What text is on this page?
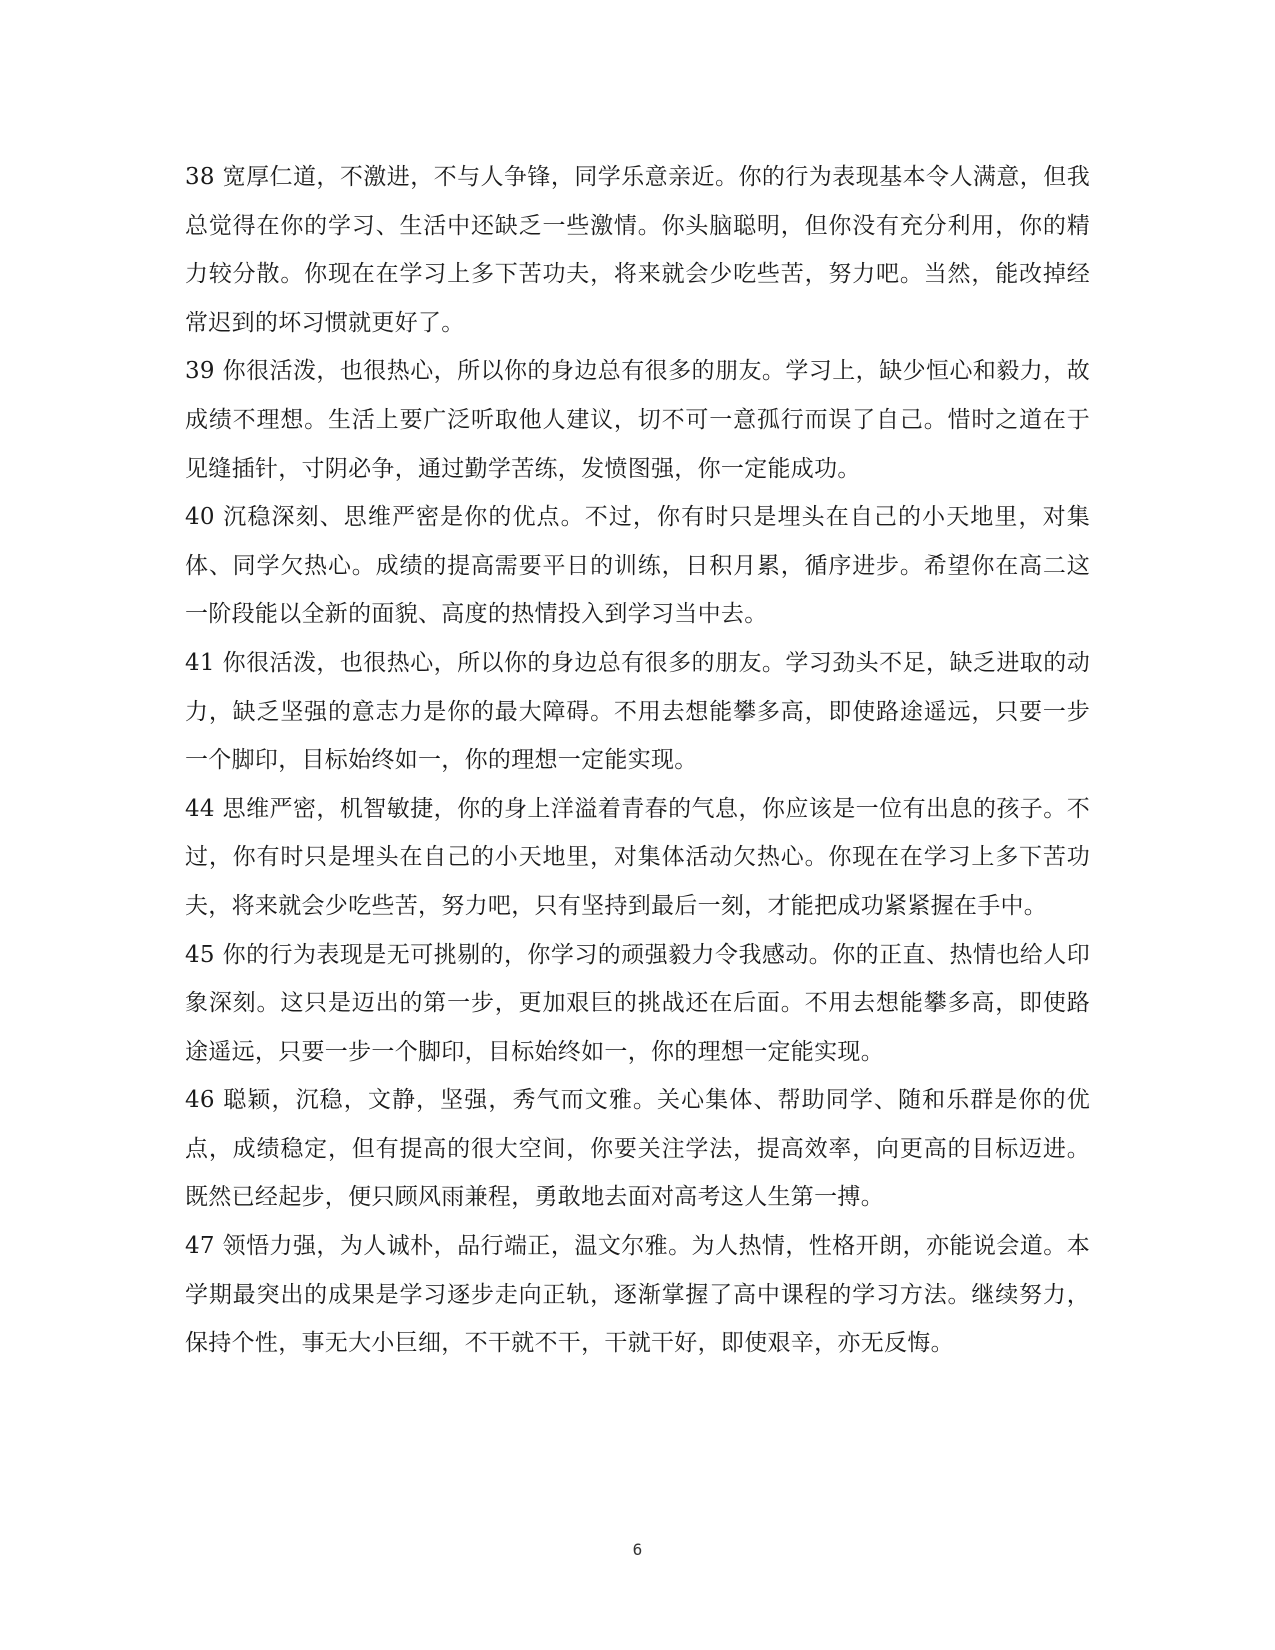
38 宽厚仁道，不激进，不与人争锋，同学乐意亲近。你的行为表现基本令人满意，但我总觉得在你的学习、生活中还缺乏一些激情。你头脑聪明，但你没有充分利用，你的精力较分散。你现在在学习上多下苦功夫，将来就会少吃些苦，努力吧。当然，能改掉经常迟到的坏习惯就更好了。

39 你很活泼，也很热心，所以你的身边总有很多的朋友。学习上，缺少恒心和毅力，故成绩不理想。生活上要广泛听取他人建议，切不可一意孤行而误了自己。惜时之道在于见缝插针，寸阴必争，通过勤学苦练，发愤图强，你一定能成功。

40 沉稳深刻、思维严密是你的优点。不过，你有时只是埋头在自己的小天地里，对集体、同学欠热心。成绩的提高需要平日的训练，日积月累，循序进步。希望你在高二这一阶段能以全新的面貌、高度的热情投入到学习当中去。

41 你很活泼，也很热心，所以你的身边总有很多的朋友。学习劲头不足，缺乏进取的动力，缺乏坚强的意志力是你的最大障碍。不用去想能攀多高，即使路途遥远，只要一步一个脚印，目标始终如一，你的理想一定能实现。

44 思维严密，机智敏捷，你的身上洋溢着青春的气息，你应该是一位有出息的孩子。不过，你有时只是埋头在自己的小天地里，对集体活动欠热心。你现在在学习上多下苦功夫，将来就会少吃些苦，努力吧，只有坚持到最后一刻，才能把成功紧紧握在手中。

45 你的行为表现是无可挑剔的，你学习的顽强毅力令我感动。你的正直、热情也给人印象深刻。这只是迈出的第一步，更加艰巨的挑战还在后面。不用去想能攀多高，即使路途遥远，只要一步一个脚印，目标始终如一，你的理想一定能实现。

46 聪颖，沉稳，文静，坚强，秀气而文雅。关心集体、帮助同学、随和乐群是你的优点，成绩稳定，但有提高的很大空间，你要关注学法，提高效率，向更高的目标迈进。既然已经起步，便只顾风雨兼程，勇敢地去面对高考这人生第一搏。

47 领悟力强，为人诚朴，品行端正，温文尔雅。为人热情，性格开朗，亦能说会道。本学期最突出的成果是学习逐步走向正轨，逐渐掌握了高中课程的学习方法。继续努力，保持个性，事无大小巨细，不干就不干，干就干好，即使艰辛，亦无反悔。

6
